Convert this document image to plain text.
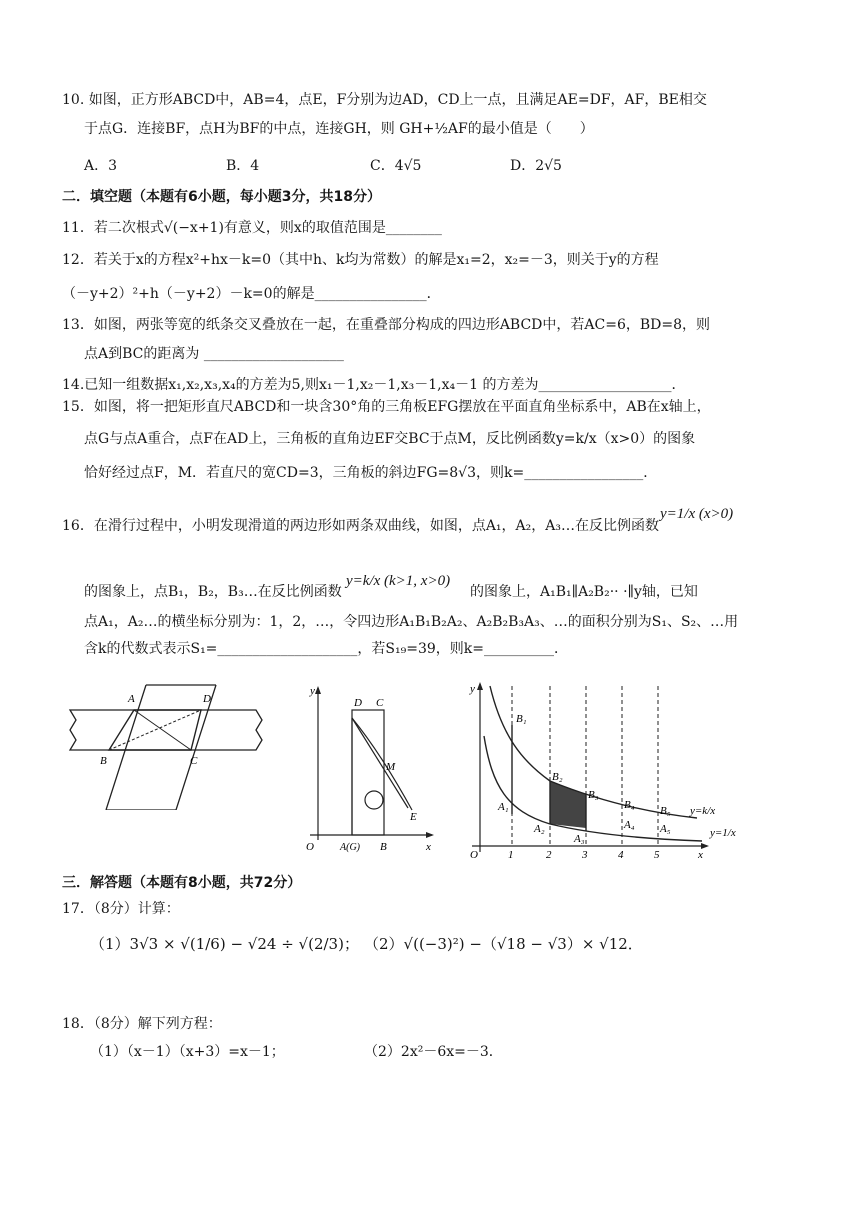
10. 如图，正方形ABCD中，AB=4，点E，F分别为边AD，CD上一点，且满足AE=DF，AF，BE相交
于点G．连接BF，点H为BF的中点，连接GH，则 GH+½AF的最小值是（　　）
A．3	B．4	C．4√5	D．2√5
二．填空题（本题有6小题，每小题3分，共18分）
11．若二次根式√(−x+1)有意义，则x的取值范围是________
12．若关于x的方程x²+hx－k=0（其中h、k均为常数）的解是x₁=2，x₂=－3，则关于y的方程
（－y+2）²+h（－y+2）－k=0的解是________________．
13．如图，两张等宽的纸条交叉叠放在一起，在重叠部分构成的四边形ABCD中，若AC=6，BD=8，则
点A到BC的距离为 ____________________
14.已知一组数据x₁,x₂,x₃,x₄的方差为5,则x₁－1,x₂－1,x₃－1,x₄－1 的方差为___________________．
15．如图，将一把矩形直尺ABCD和一块含30°角的三角板EFG摆放在平面直角坐标系中，AB在x轴上，
点G与点A重合，点F在AD上，三角板的直角边EF交BC于点M，反比例函数y=k/x（x>0）的图象
恰好经过点F，M．若直尺的宽CD=3，三角板的斜边FG=8√3，则k=_________________．
16．在滑行过程中，小明发现滑道的两边形如两条双曲线，如图，点A₁，A₂，A₃…在反比例函数
y=1/x (x>0)
的图象上，点B₁，B₂，B₃…在反比例函数
y=k/x (k>1, x>0)
的图象上，A₁B₁∥A₂B₂·· ·∥y轴，已知
点A₁，A₂…的横坐标分别为：1，2，…，令四边形A₁B₁B₂A₂、A₂B₂B₃A₃、…的面积分别为S₁、S₂、…用
含k的代数式表示S₁=____________________，若S₁₉=39，则k=__________．
A	D
B	C
y
D C
M
E
O	A(G) B	x
y
B₁
B₂
B₃
B₄ B₅
A₁
A₂
A₃
A₄ A₅
y=k/x
y=1/x
O	1	2	3	4	5	x
三．解答题（本题有8小题，共72分）
17．（8分）计算：
（1）3√3 × √(1/6) − √24 ÷ √(2/3)； （2）√((−3)²) −（√18 − √3）× √12．
18．（8分）解下列方程：
（1）（x－1）（x+3）=x－1；	（2）2x²－6x=－3．
